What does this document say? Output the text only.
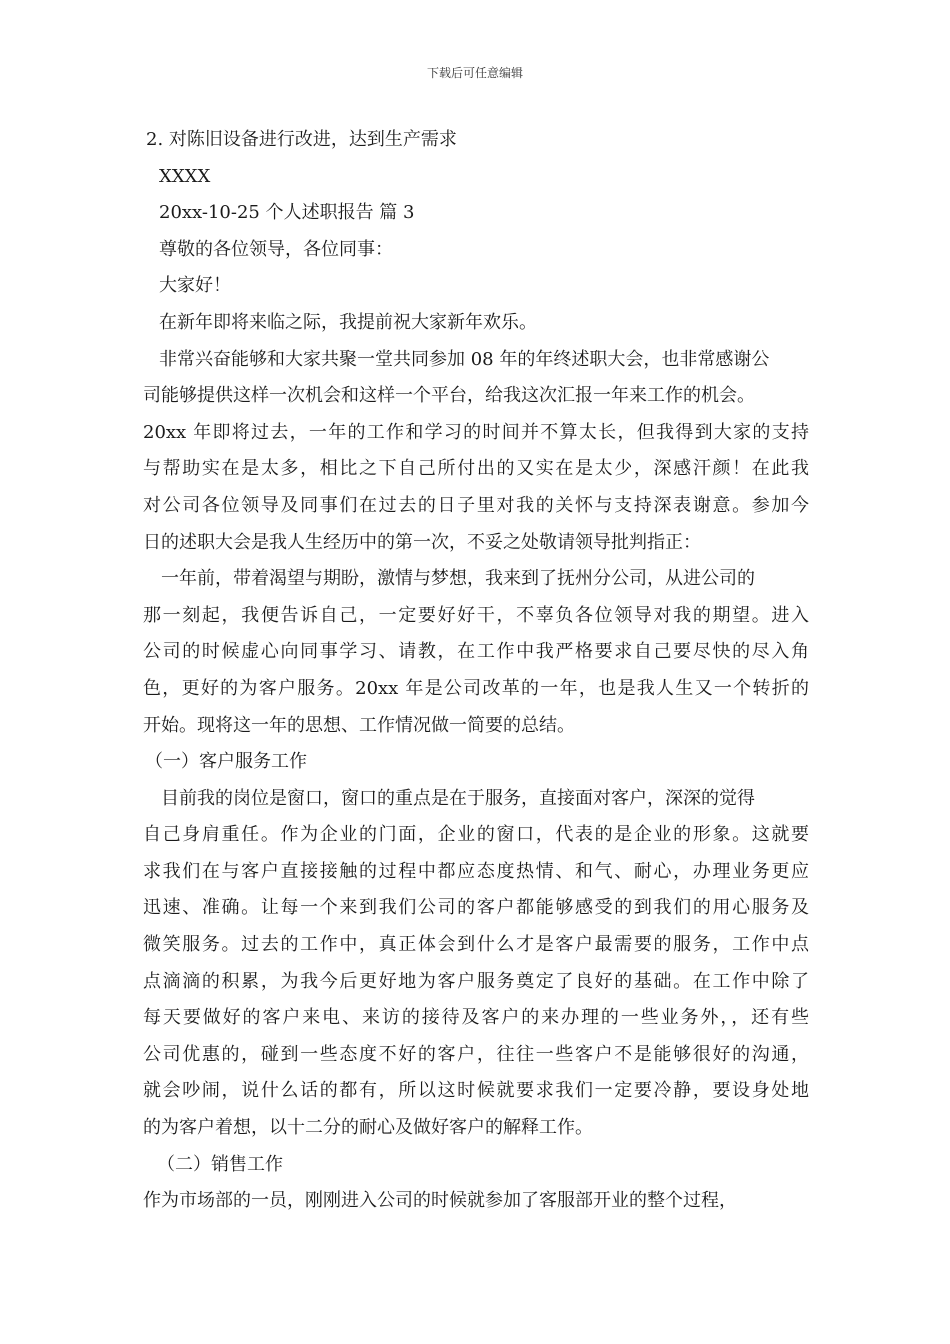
下载后可任意编辑
2. 对陈旧设备进行改进，达到生产需求
XXXX
20xx-10-25 个人述职报告 篇 3
尊敬的各位领导，各位同事：
大家好！
在新年即将来临之际，我提前祝大家新年欢乐。
非常兴奋能够和大家共聚一堂共同参加 08 年的年终述职大会，也非常感谢公
司能够提供这样一次机会和这样一个平台，给我这次汇报一年来工作的机会。
20xx 年即将过去，一年的工作和学习的时间并不算太长，但我得到大家的支持
与帮助实在是太多，相比之下自己所付出的又实在是太少，深感汗颜！在此我
对公司各位领导及同事们在过去的日子里对我的关怀与支持深表谢意。参加今
日的述职大会是我人生经历中的第一次，不妥之处敬请领导批判指正：
一年前，带着渴望与期盼，激情与梦想，我来到了抚州分公司，从进公司的
那一刻起，我便告诉自己，一定要好好干，不辜负各位领导对我的期望。进入
公司的时候虚心向同事学习、请教，在工作中我严格要求自己要尽快的尽入角
色，更好的为客户服务。20xx 年是公司改革的一年，也是我人生又一个转折的
开始。现将这一年的思想、工作情况做一简要的总结。
（一）客户服务工作
目前我的岗位是窗口，窗口的重点是在于服务，直接面对客户，深深的觉得
自己身肩重任。作为企业的门面，企业的窗口，代表的是企业的形象。这就要
求我们在与客户直接接触的过程中都应态度热情、和气、耐心，办理业务更应
迅速、准确。让每一个来到我们公司的客户都能够感受的到我们的用心服务及
微笑服务。过去的工作中，真正体会到什么才是客户最需要的服务，工作中点
点滴滴的积累，为我今后更好地为客户服务奠定了良好的基础。在工作中除了
每天要做好的客户来电、来访的接待及客户的来办理的一些业务外，，还有些
公司优惠的，碰到一些态度不好的客户，往往一些客户不是能够很好的沟通，
就会吵闹，说什么话的都有，所以这时候就要求我们一定要冷静，要设身处地
的为客户着想，以十二分的耐心及做好客户的解释工作。
（二）销售工作
作为市场部的一员，刚刚进入公司的时候就参加了客服部开业的整个过程，
